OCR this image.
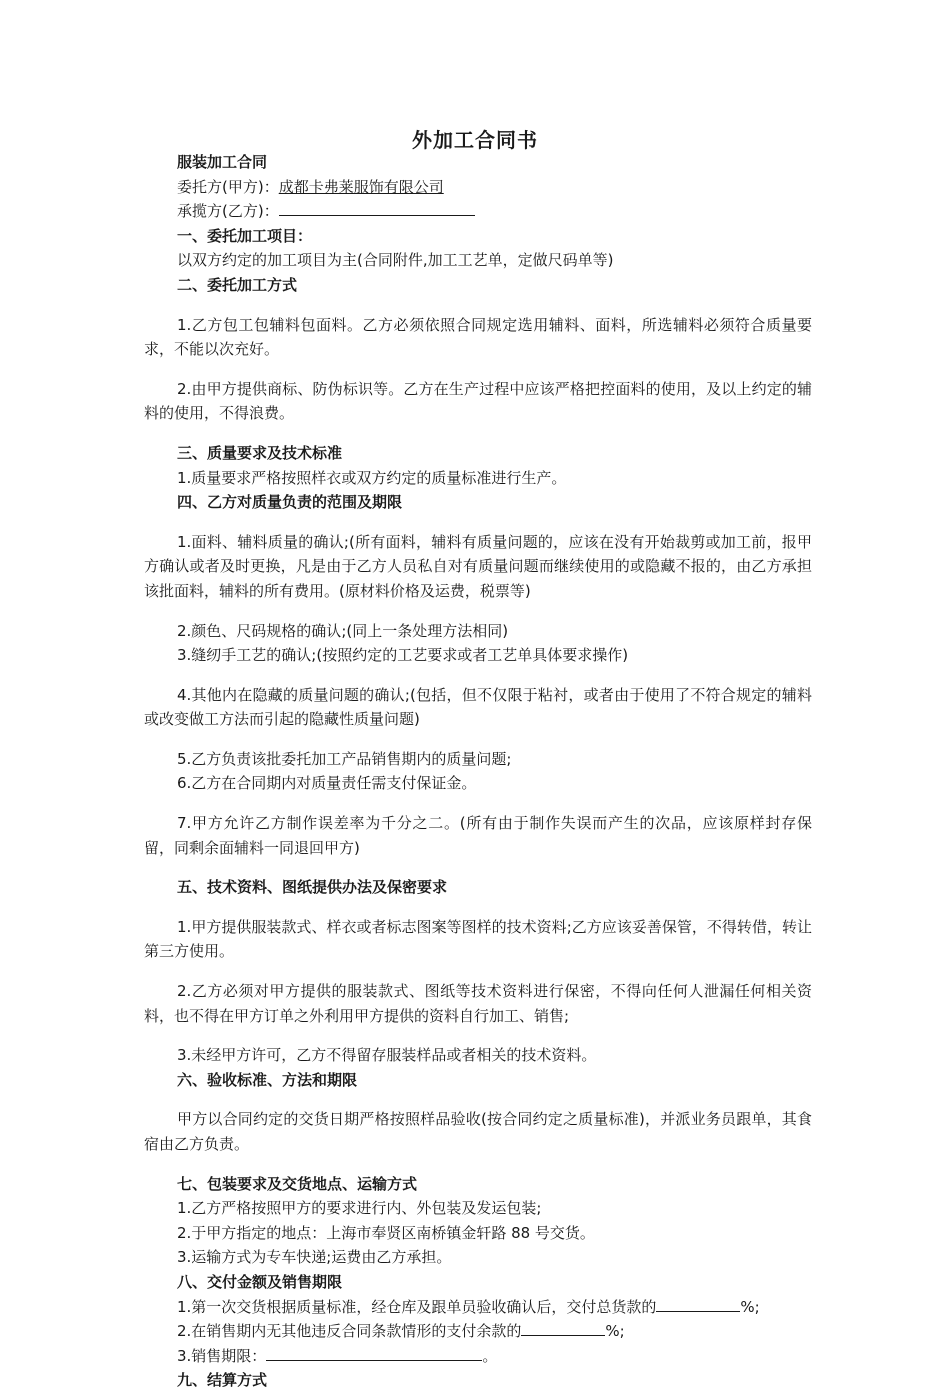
外加工合同书

服装加工合同

委托方(甲方)：成都卡弗莱服饰有限公司

承揽方(乙方)：

一、委托加工项目：

以双方约定的加工项目为主(合同附件,加工工艺单，定做尺码单等)

二、委托加工方式

1.乙方包工包辅料包面料。乙方必须依照合同规定选用辅料、面料，所选辅料必须符合质量要求，不能以次充好。

2.由甲方提供商标、防伪标识等。乙方在生产过程中应该严格把控面料的使用，及以上约定的辅料的使用，不得浪费。

三、质量要求及技术标准

1.质量要求严格按照样衣或双方约定的质量标准进行生产。

四、乙方对质量负责的范围及期限

1.面料、辅料质量的确认;(所有面料，辅料有质量问题的，应该在没有开始裁剪或加工前，报甲方确认或者及时更换，凡是由于乙方人员私自对有质量问题而继续使用的或隐藏不报的，由乙方承担该批面料，辅料的所有费用。(原材料价格及运费，税票等)

2.颜色、尺码规格的确认;(同上一条处理方法相同)

3.缝纫手工艺的确认;(按照约定的工艺要求或者工艺单具体要求操作)

4.其他内在隐藏的质量问题的确认;(包括，但不仅限于粘衬，或者由于使用了不符合规定的辅料或改变做工方法而引起的隐藏性质量问题)

5.乙方负责该批委托加工产品销售期内的质量问题;

6.乙方在合同期内对质量责任需支付保证金。

7.甲方允许乙方制作误差率为千分之二。(所有由于制作失误而产生的次品，应该原样封存保留，同剩余面辅料一同退回甲方)

五、技术资料、图纸提供办法及保密要求

1.甲方提供服装款式、样衣或者标志图案等图样的技术资料;乙方应该妥善保管，不得转借，转让第三方使用。

2.乙方必须对甲方提供的服装款式、图纸等技术资料进行保密，不得向任何人泄漏任何相关资料，也不得在甲方订单之外利用甲方提供的资料自行加工、销售;

3.未经甲方许可，乙方不得留存服装样品或者相关的技术资料。

六、验收标准、方法和期限

甲方以合同约定的交货日期严格按照样品验收(按合同约定之质量标准)，并派业务员跟单，其食宿由乙方负责。

七、包装要求及交货地点、运输方式

1.乙方严格按照甲方的要求进行内、外包装及发运包装;

2.于甲方指定的地点：上海市奉贤区南桥镇金轩路 88 号交货。

3.运输方式为专车快递;运费由乙方承担。

八、交付金额及销售期限

1.第一次交货根据质量标准，经仓库及跟单员验收确认后，交付总货款的	%;

2.在销售期内无其他违反合同条款情形的支付余款的	%;

3.销售期限：	。

九、结算方式
